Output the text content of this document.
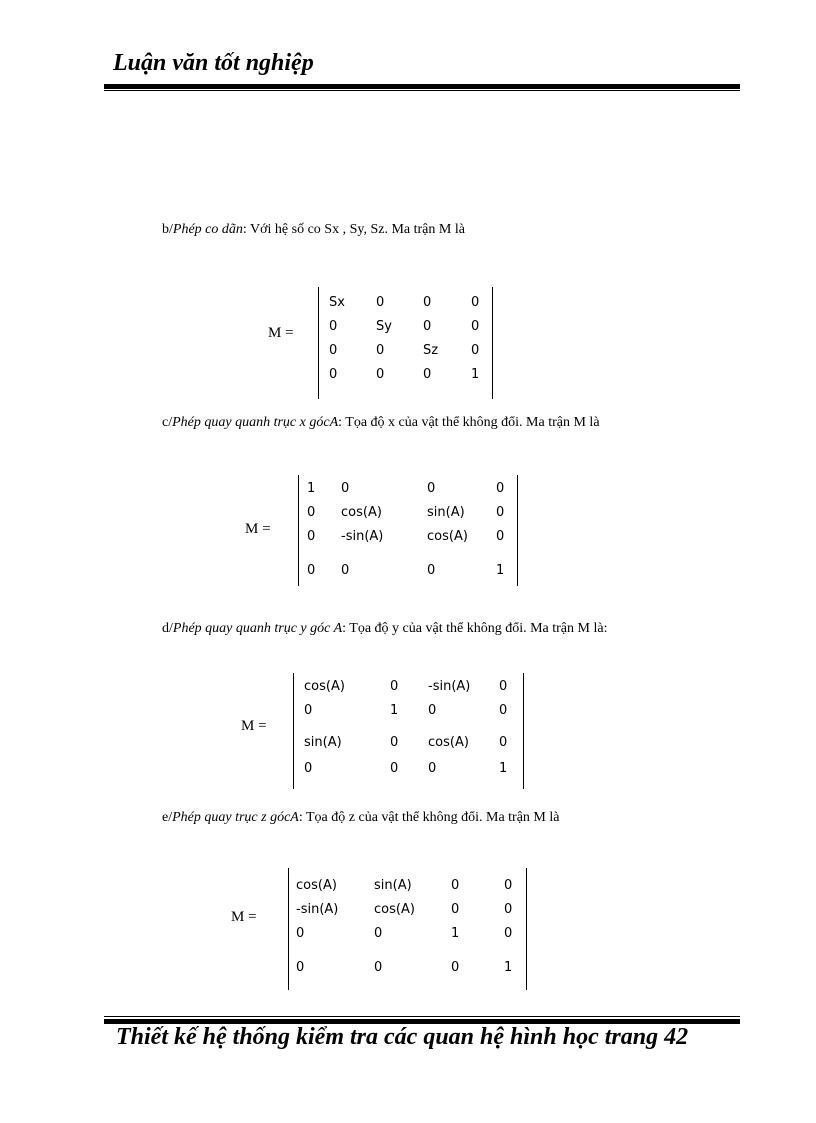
Luận văn tốt nghiệp
b/Phép co dãn: Với hệ số co Sx , Sy, Sz. Ma trận M là
M =
Sx 0	0	0
0	Sy 0	0
0	0	Sz	0
0	0	0	1
c/Phép quay quanh trục x gócA: Tọa độ x của vật thể không đổi. Ma trận M là
M =
1 0	0	0
0 cos(A)	sin(A) 0
0 -sin(A)	cos(A) 0
0 0	0	1
d/Phép quay quanh trục y góc A: Tọa độ y của vật thể không đổi. Ma trận M là:
M =
cos(A)	0 -sin(A) 0
0	1 0	0
sin(A)	0 cos(A) 0
0	0 0	1
e/Phép quay trục z gócA: Tọa độ z của vật thể không đổi. Ma trận M là
M =
cos(A)	sin(A)	0	0
-sin(A)	cos(A)	0	0
0	0	1	0
0	0	0	1
Thiết kế hệ thống kiểm tra các quan hệ hình học trang 42
